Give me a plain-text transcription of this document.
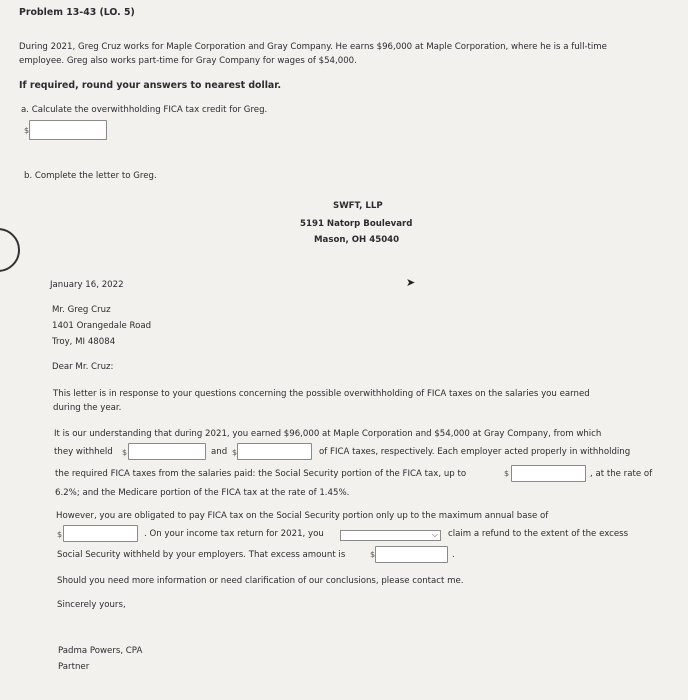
Problem 13-43 (LO. 5)
During 2021, Greg Cruz works for Maple Corporation and Gray Company. He earns $96,000 at Maple Corporation, where he is a full-time
employee. Greg also works part-time for Gray Company for wages of $54,000.
If required, round your answers to nearest dollar.
a. Calculate the overwithholding FICA tax credit for Greg.
$
b. Complete the letter to Greg.
SWFT, LLP
5191 Natorp Boulevard
Mason, OH 45040
➤
January 16, 2022
Mr. Greg Cruz
1401 Orangedale Road
Troy, MI 48084
Dear Mr. Cruz:
This letter is in response to your questions concerning the possible overwithholding of FICA taxes on the salaries you earned
during the year.
It is our understanding that during 2021, you earned $96,000 at Maple Corporation and $54,000 at Gray Company, from which
they withheld $	and $	of FICA taxes, respectively. Each employer acted properly in withholding
the required FICA taxes from the salaries paid: the Social Security portion of the FICA tax, up to	$	, at the rate of
6.2%; and the Medicare portion of the FICA tax at the rate of 1.45%.
However, you are obligated to pay FICA tax on the Social Security portion only up to the maximum annual base of
$	. On your income tax return for 2021, you	⌵ claim a refund to the extent of the excess
Social Security withheld by your employers. That excess amount is	$	.
Should you need more information or need clarification of our conclusions, please contact me.
Sincerely yours,
Padma Powers, CPA
Partner
